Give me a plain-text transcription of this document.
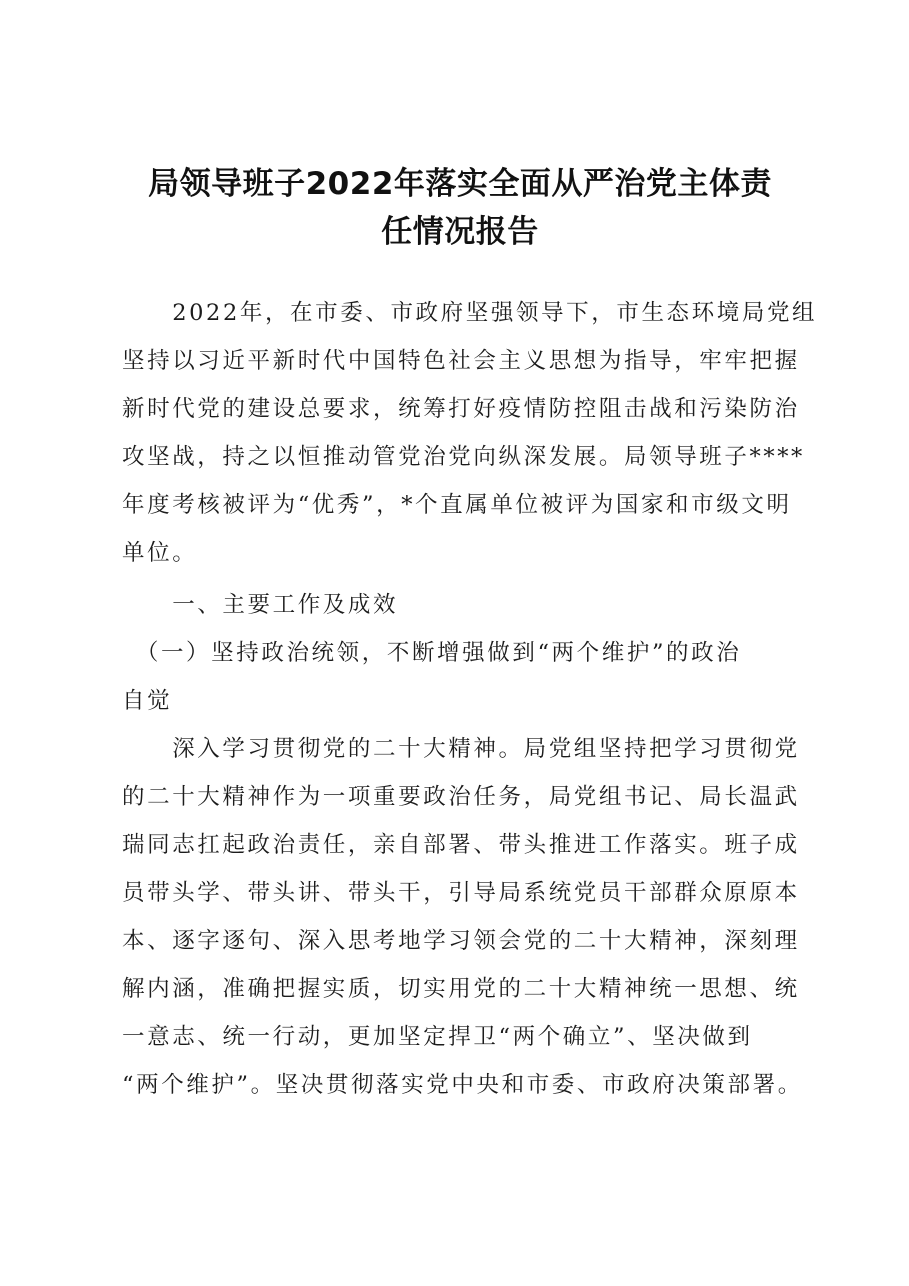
局领导班子2022年落实全面从严治党主体责
任情况报告
　　2022年，在市委、市政府坚强领导下，市生态环境局党组
坚持以习近平新时代中国特色社会主义思想为指导，牢牢把握
新时代党的建设总要求，统筹打好疫情防控阻击战和污染防治
攻坚战，持之以恒推动管党治党向纵深发展。局领导班子****
年度考核被评为“优秀”，*个直属单位被评为国家和市级文明
单位。
　　一、主要工作及成效
　（一）坚持政治统领，不断增强做到“两个维护”的政治
自觉
　　深入学习贯彻党的二十大精神。局党组坚持把学习贯彻党
的二十大精神作为一项重要政治任务，局党组书记、局长温武
瑞同志扛起政治责任，亲自部署、带头推进工作落实。班子成
员带头学、带头讲、带头干，引导局系统党员干部群众原原本
本、逐字逐句、深入思考地学习领会党的二十大精神，深刻理
解内涵，准确把握实质，切实用党的二十大精神统一思想、统
一意志、统一行动，更加坚定捍卫“两个确立”、坚决做到
“两个维护”。坚决贯彻落实党中央和市委、市政府决策部署。
